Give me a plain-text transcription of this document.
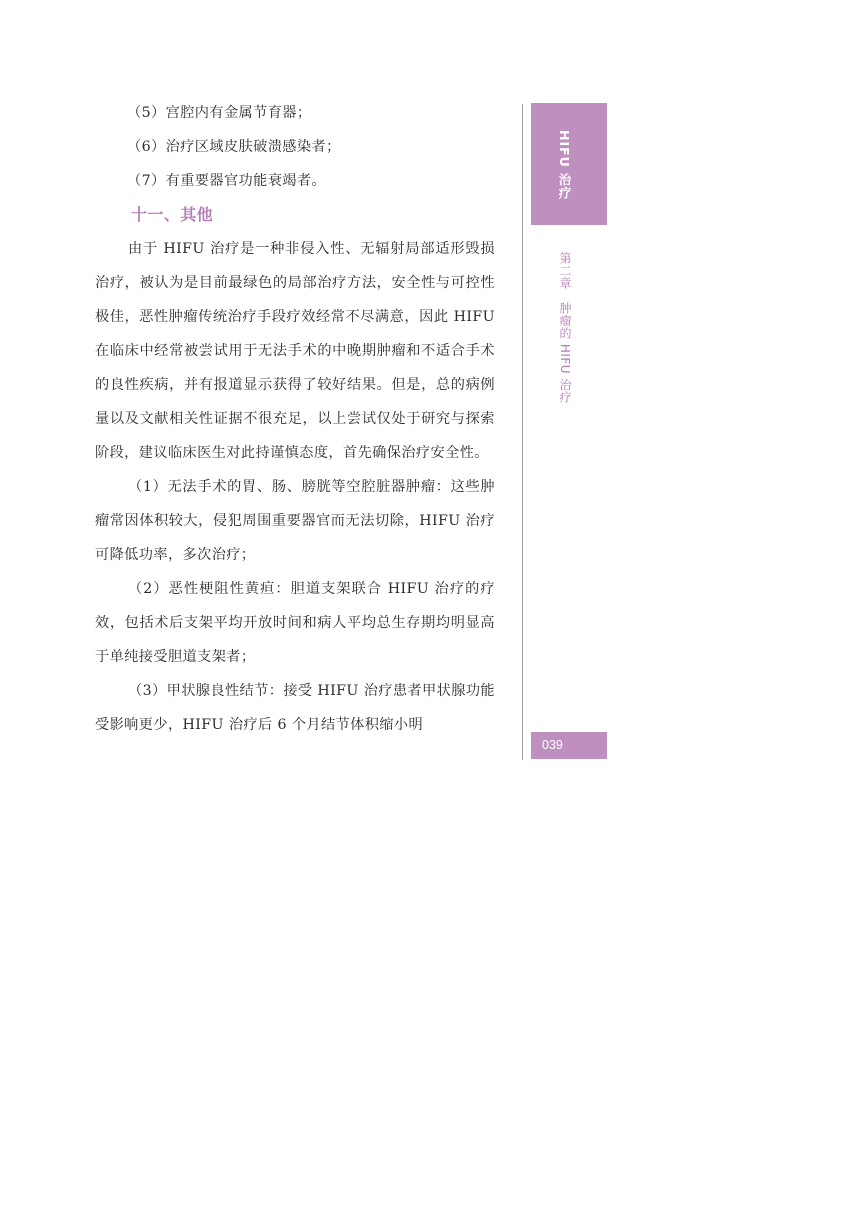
（5）宫腔内有金属节育器；

（6）治疗区域皮肤破溃感染者；

（7）有重要器官功能衰竭者。

十一、其他

由于 HIFU 治疗是一种非侵入性、无辐射局部适形毁损治疗，被认为是目前最绿色的局部治疗方法，安全性与可控性极佳，恶性肿瘤传统治疗手段疗效经常不尽满意，因此 HIFU 在临床中经常被尝试用于无法手术的中晚期肿瘤和不适合手术的良性疾病，并有报道显示获得了较好结果。但是，总的病例量以及文献相关性证据不很充足，以上尝试仅处于研究与探索阶段，建议临床医生对此持谨慎态度，首先确保治疗安全性。

（1）无法手术的胃、肠、膀胱等空腔脏器肿瘤：这些肿瘤常因体积较大，侵犯周围重要器官而无法切除，HIFU 治疗可降低功率，多次治疗；

（2）恶性梗阻性黄疸：胆道支架联合 HIFU 治疗的疗效，包括术后支架平均开放时间和病人平均总生存期均明显高于单纯接受胆道支架者；

（3）甲状腺良性结节：接受 HIFU 治疗患者甲状腺功能受影响更少，HIFU 治疗后 6 个月结节体积缩小明

HIFU 治疗
第二章　肿瘤的 HIFU 治疗
039
